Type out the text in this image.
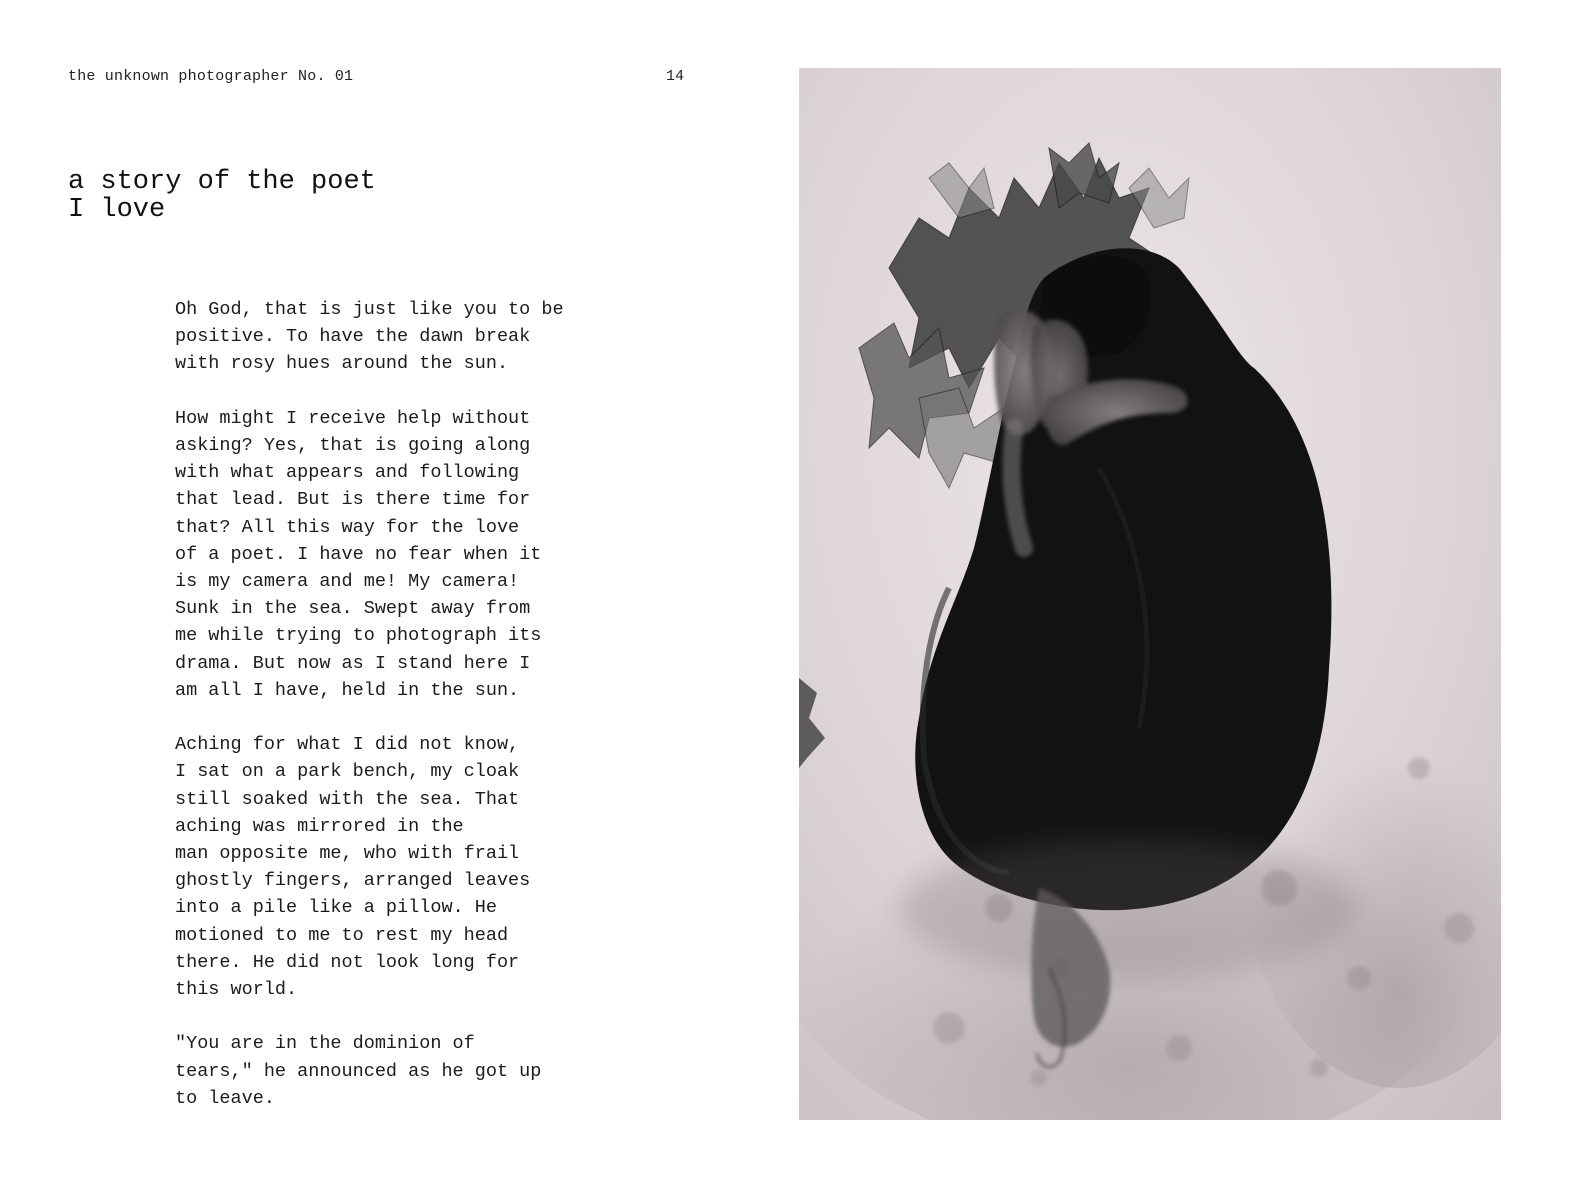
the unknown photographer No. 01	14
a story of the poet
I love

Oh God, that is just like you to be
positive. To have the dawn break
with rosy hues around the sun.

How might I receive help without
asking? Yes, that is going along
with what appears and following
that lead. But is there time for
that? All this way for the love
of a poet. I have no fear when it
is my camera and me! My camera!
Sunk in the sea. Swept away from
me while trying to photograph its
drama. But now as I stand here I
am all I have, held in the sun.

Aching for what I did not know,
I sat on a park bench, my cloak
still soaked with the sea. That
aching was mirrored in the
man opposite me, who with frail
ghostly fingers, arranged leaves
into a pile like a pillow. He
motioned to me to rest my head
there. He did not look long for
this world.

"You are in the dominion of
tears," he announced as he got up
to leave.
